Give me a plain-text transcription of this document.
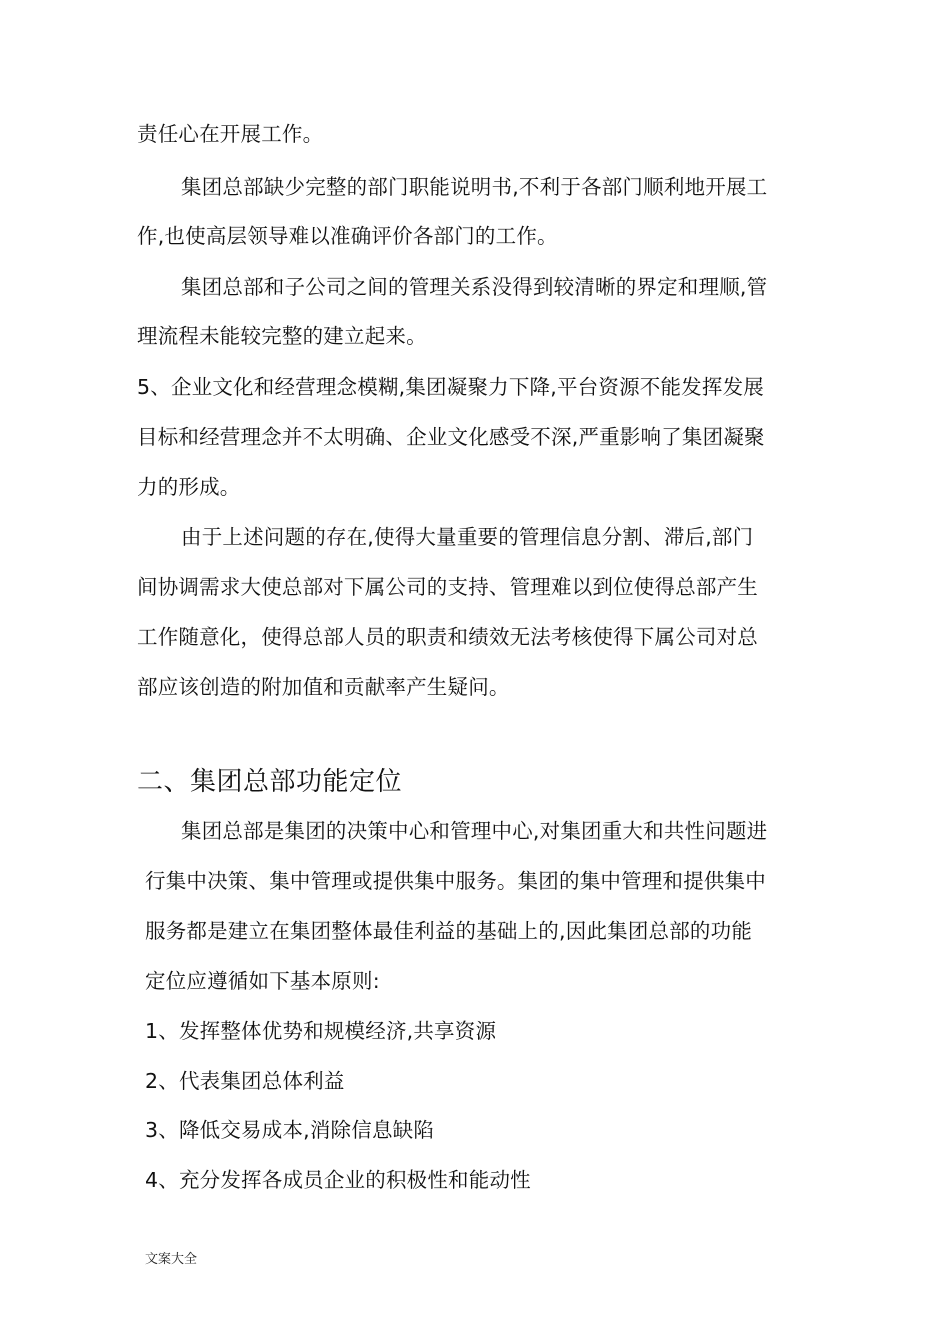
责任心在开展工作。
集团总部缺少完整的部门职能说明书,不利于各部门顺利地开展工
作,也使高层领导难以准确评价各部门的工作。
集团总部和子公司之间的管理关系没得到较清晰的界定和理顺,管
理流程未能较完整的建立起来。
5、企业文化和经营理念模糊,集团凝聚力下降,平台资源不能发挥发展
目标和经营理念并不太明确、企业文化感受不深,严重影响了集团凝聚
力的形成。
由于上述问题的存在,使得大量重要的管理信息分割、滞后,部门
间协调需求大使总部对下属公司的支持、管理难以到位使得总部产生
工作随意化，使得总部人员的职责和绩效无法考核使得下属公司对总
部应该创造的附加值和贡献率产生疑问。
二、集团总部功能定位
集团总部是集团的决策中心和管理中心,对集团重大和共性问题进
行集中决策、集中管理或提供集中服务。集团的集中管理和提供集中
服务都是建立在集团整体最佳利益的基础上的,因此集团总部的功能
定位应遵循如下基本原则:
1、发挥整体优势和规模经济,共享资源
2、代表集团总体利益
3、降低交易成本,消除信息缺陷
4、充分发挥各成员企业的积极性和能动性
文案大全
